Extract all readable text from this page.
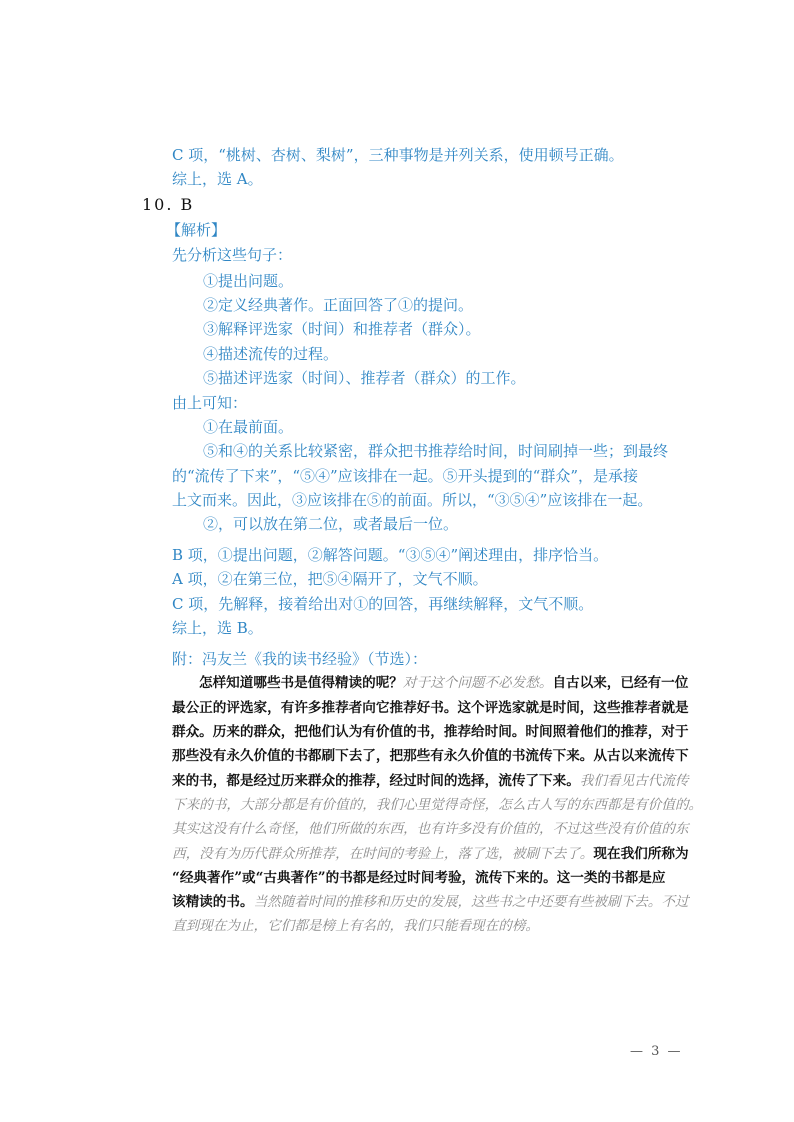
C 项，“桃树、杏树、梨树”，三种事物是并列关系，使用顿号正确。
综上，选 A。
10. B
【解析】
先分析这些句子：
①提出问题。
②定义经典著作。正面回答了①的提问。
③解释评选家（时间）和推荐者（群众）。
④描述流传的过程。
⑤描述评选家（时间）、推荐者（群众）的工作。
由上可知：
①在最前面。
⑤和④的关系比较紧密，群众把书推荐给时间，时间刷掉一些；到最终
的“流传了下来”，“⑤④”应该排在一起。⑤开头提到的“群众”，是承接
上文而来。因此，③应该排在⑤的前面。所以，“③⑤④”应该排在一起。
②，可以放在第二位，或者最后一位。
B 项，①提出问题，②解答问题。“③⑤④”阐述理由，排序恰当。
A 项，②在第三位，把⑤④隔开了，文气不顺。
C 项，先解释，接着给出对①的回答，再继续解释，文气不顺。
综上，选 B。
附：冯友兰《我的读书经验》（节选）：
怎样知道哪些书是值得精读的呢？对于这个问题不必发愁。自古以来，已经有一位
最公正的评选家，有许多推荐者向它推荐好书。这个评选家就是时间，这些推荐者就是
群众。历来的群众，把他们认为有价值的书，推荐给时间。时间照着他们的推荐，对于
那些没有永久价值的书都刷下去了，把那些有永久价值的书流传下来。从古以来流传下
来的书，都是经过历来群众的推荐，经过时间的选择，流传了下来。我们看见古代流传
下来的书，大部分都是有价值的，我们心里觉得奇怪，怎么古人写的东西都是有价值的。
其实这没有什么奇怪，他们所做的东西，也有许多没有价值的，不过这些没有价值的东
西，没有为历代群众所推荐，在时间的考验上，落了选，被刷下去了。现在我们所称为
“经典著作”或“古典著作”的书都是经过时间考验，流传下来的。这一类的书都是应
该精读的书。当然随着时间的推移和历史的发展，这些书之中还要有些被刷下去。不过
直到现在为止，它们都是榜上有名的，我们只能看现在的榜。
— 3 —
